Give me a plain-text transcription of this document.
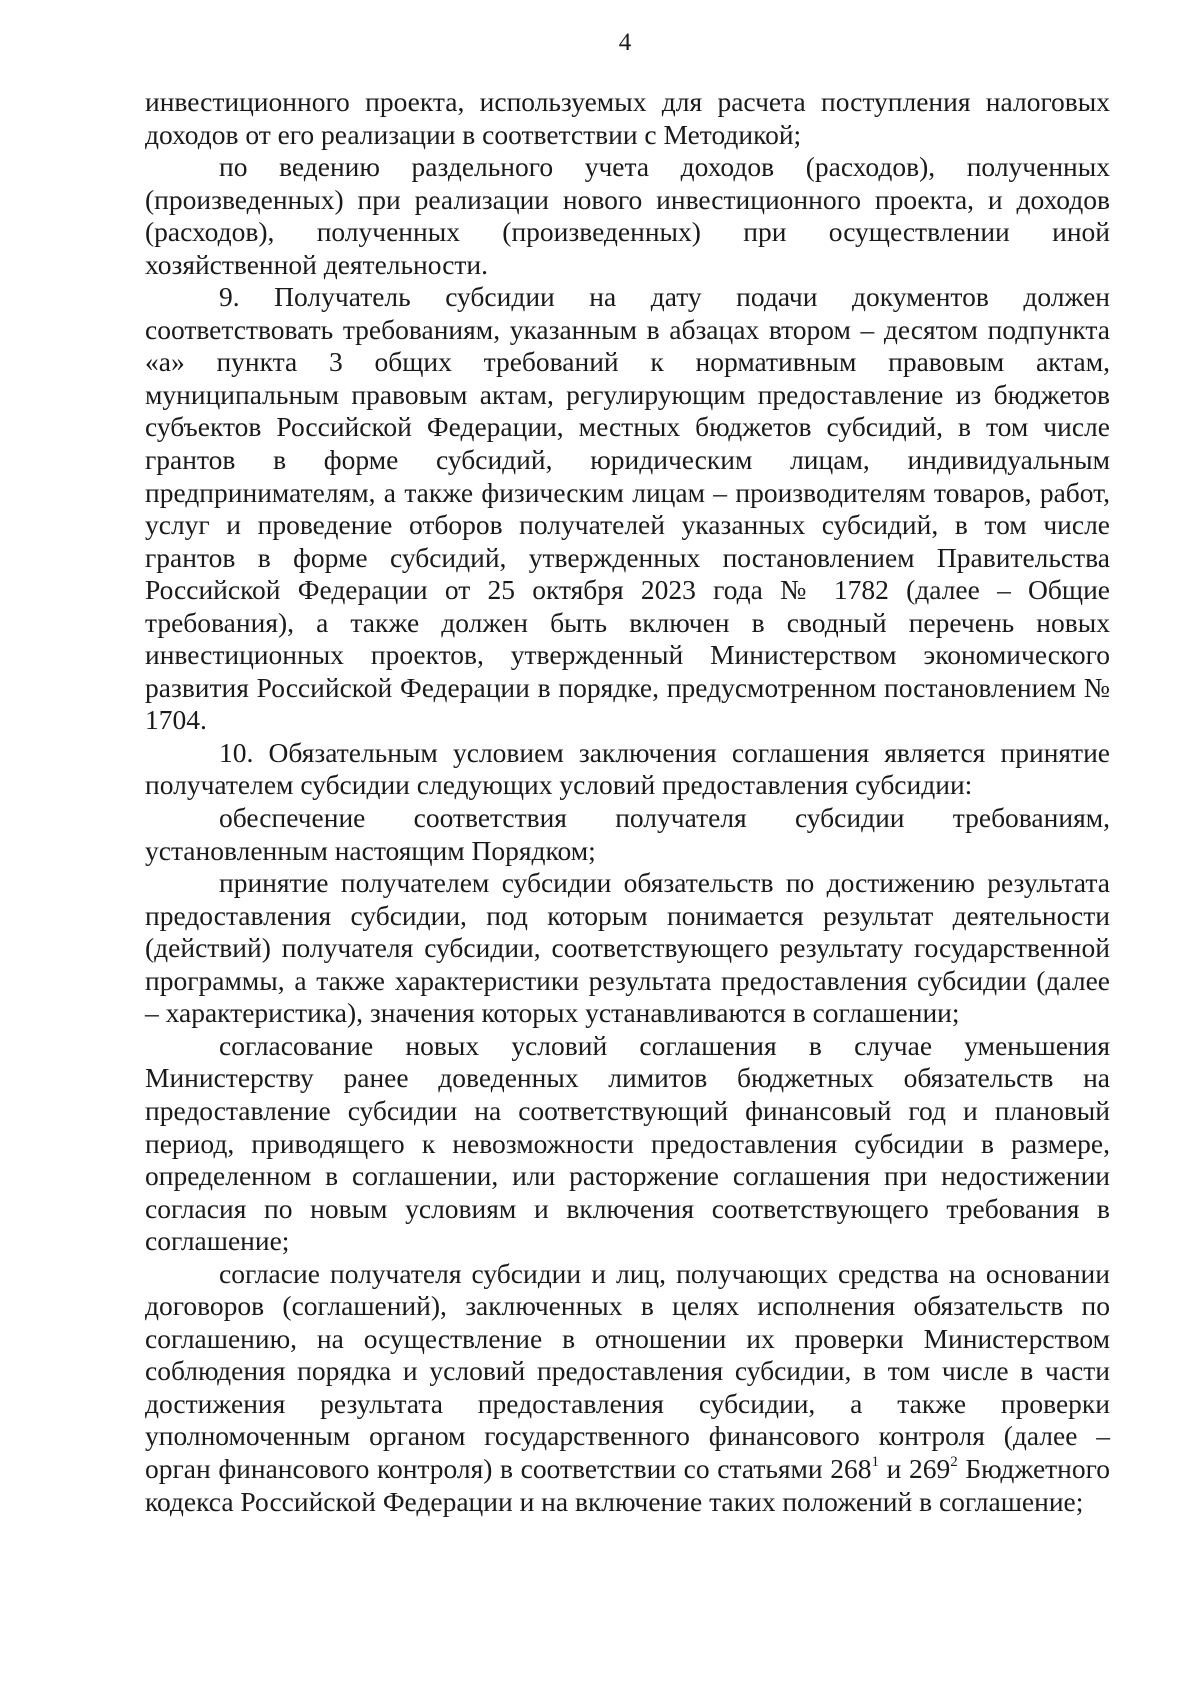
4

инвестиционного проекта, используемых для расчета поступления налоговых доходов от его реализации в соответствии с Методикой;

по ведению раздельного учета доходов (расходов), полученных (произведенных) при реализации нового инвестиционного проекта, и доходов (расходов), полученных (произведенных) при осуществлении иной хозяйственной деятельности.

9. Получатель субсидии на дату подачи документов должен соответствовать требованиям, указанным в абзацах втором – десятом подпункта «а» пункта 3 общих требований к нормативным правовым актам, муниципальным правовым актам, регулирующим предоставление из бюджетов субъектов Российской Федерации, местных бюджетов субсидий, в том числе грантов в форме субсидий, юридическим лицам, индивидуальным предпринимателям, а также физическим лицам – производителям товаров, работ, услуг и проведение отборов получателей указанных субсидий, в том числе грантов в форме субсидий, утвержденных постановлением Правительства Российской Федерации от 25 октября 2023 года № 1782 (далее – Общие требования), а также должен быть включен в сводный перечень новых инвестиционных проектов, утвержденный Министерством экономического развития Российской Федерации в порядке, предусмотренном постановлением № 1704.

10. Обязательным условием заключения соглашения является принятие получателем субсидии следующих условий предоставления субсидии:

обеспечение соответствия получателя субсидии требованиям, установленным настоящим Порядком;

принятие получателем субсидии обязательств по достижению результата предоставления субсидии, под которым понимается результат деятельности (действий) получателя субсидии, соответствующего результату государственной программы, а также характеристики результата предоставления субсидии (далее – характеристика), значения которых устанавливаются в соглашении;

согласование новых условий соглашения в случае уменьшения Министерству ранее доведенных лимитов бюджетных обязательств на предоставление субсидии на соответствующий финансовый год и плановый период, приводящего к невозможности предоставления субсидии в размере, определенном в соглашении, или расторжение соглашения при недостижении согласия по новым условиям и включения соответствующего требования в соглашение;

согласие получателя субсидии и лиц, получающих средства на основании договоров (соглашений), заключенных в целях исполнения обязательств по соглашению, на осуществление в отношении их проверки Министерством соблюдения порядка и условий предоставления субсидии, в том числе в части достижения результата предоставления субсидии, а также проверки уполномоченным органом государственного финансового контроля (далее – орган финансового контроля) в соответствии со статьями $268^1$ и $269^2$ Бюджетного кодекса Российской Федерации и на включение таких положений в соглашение;
